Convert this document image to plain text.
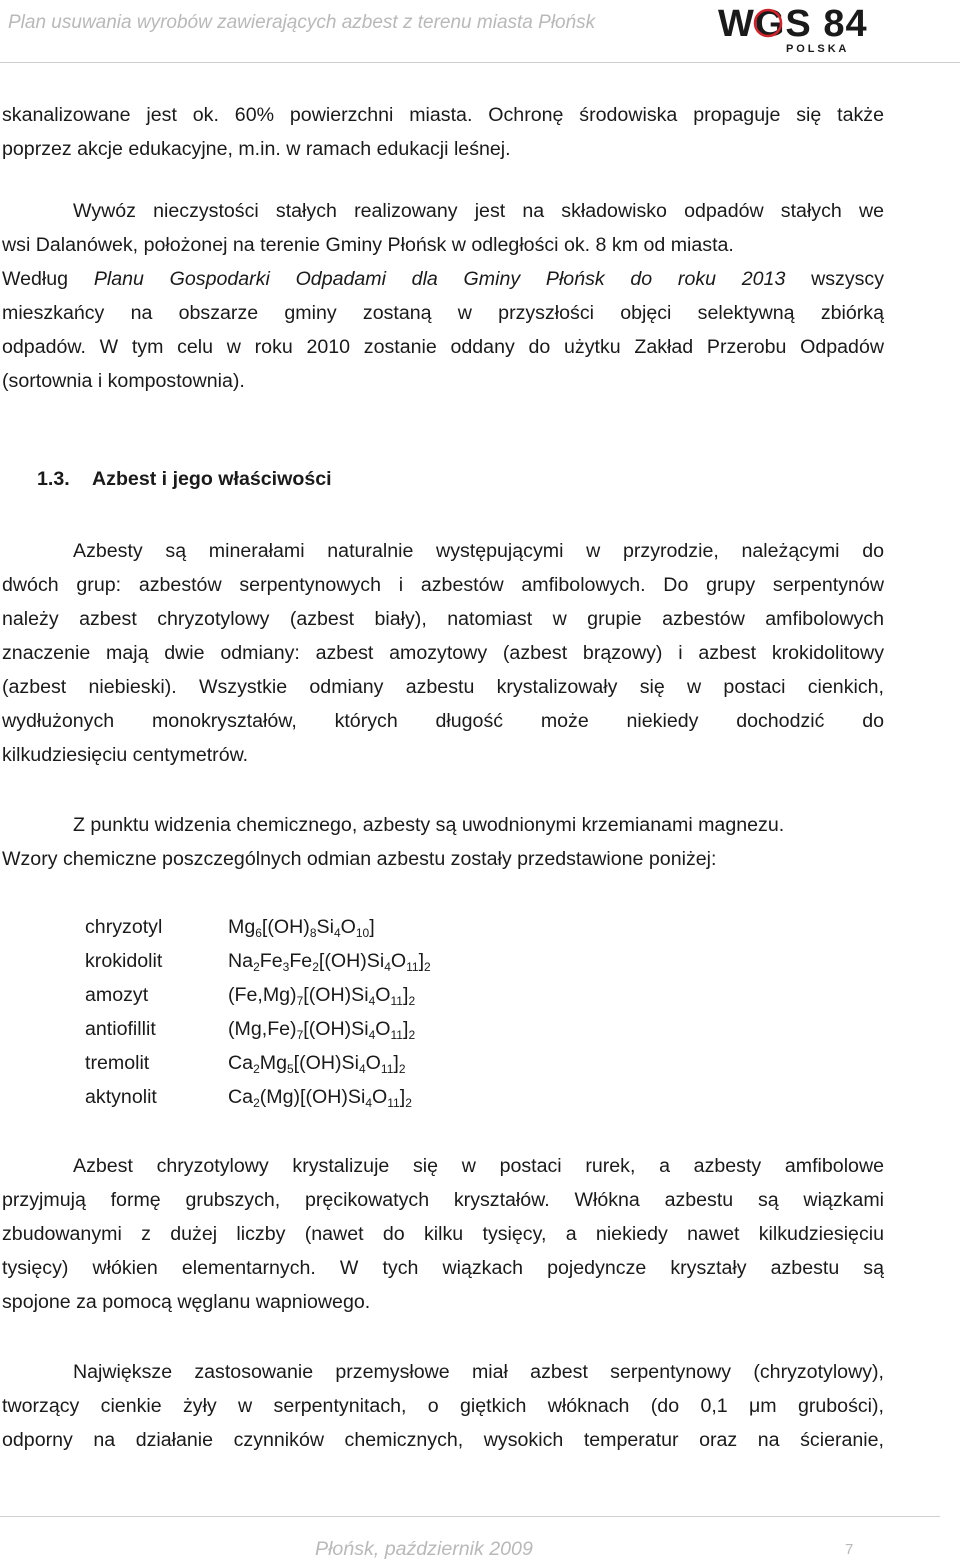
Plan usuwania wyrobów zawierających azbest z terenu miasta Płońsk	WGS 84
P O L S K A
skanalizowane jest ok. 60% powierzchni miasta. Ochronę środowiska propaguje się także
poprzez akcje edukacyjne, m.in. w ramach edukacji leśnej.
Wywóz nieczystości stałych realizowany jest na składowisko odpadów stałych we
wsi Dalanówek, położonej na terenie Gminy Płońsk w odległości ok. 8 km od miasta.
Według Planu Gospodarki Odpadami dla Gminy Płońsk do roku 2013 wszyscy
mieszkańcy na obszarze gminy zostaną w przyszłości objęci selektywną zbiórką
odpadów. W tym celu w roku 2010 zostanie oddany do użytku Zakład Przerobu Odpadów
(sortownia i kompostownia).
1.3. Azbest i jego właściwości
Azbesty są minerałami naturalnie występującymi w przyrodzie, należącymi do
dwóch grup: azbestów serpentynowych i azbestów amfibolowych. Do grupy serpentynów
należy azbest chryzotylowy (azbest biały), natomiast w grupie azbestów amfibolowych
znaczenie mają dwie odmiany: azbest amozytowy (azbest brązowy) i azbest krokidolitowy
(azbest niebieski). Wszystkie odmiany azbestu krystalizowały się w postaci cienkich,
wydłużonych monokryształów, których długość może niekiedy dochodzić do
kilkudziesięciu centymetrów.
Z punktu widzenia chemicznego, azbesty są uwodnionymi krzemianami magnezu.
Wzory chemiczne poszczególnych odmian azbestu zostały przedstawione poniżej:
chryzotyl	$Mg_6[(OH)_8Si_4O_{10}]$
krokidolit	$Na_2Fe_3Fe_2[(OH)Si_4O_{11}]_2$
amozyt	$(Fe,Mg)_7[(OH)Si_4O_{11}]_2$
antiofillit	$(Mg,Fe)_7[(OH)Si_4O_{11}]_2$
tremolit	$Ca_2Mg_5[(OH)Si_4O_{11}]_2$
aktynolit	$Ca_2(Mg)[(OH)Si_4O_{11}]_2$
Azbest chryzotylowy krystalizuje się w postaci rurek, a azbesty amfibolowe
przyjmują formę grubszych, pręcikowatych kryształów. Włókna azbestu są wiązkami
zbudowanymi z dużej liczby (nawet do kilku tysięcy, a niekiedy nawet kilkudziesięciu
tysięcy) włókien elementarnych. W tych wiązkach pojedyncze kryształy azbestu są
spojone za pomocą węglanu wapniowego.
Największe zastosowanie przemysłowe miał azbest serpentynowy (chryzotylowy),
tworzący cienkie żyły w serpentynitach, o giętkich włóknach (do 0,1 μm grubości),
odporny na działanie czynników chemicznych, wysokich temperatur oraz na ścieranie,
Płońsk, październik 2009	7
